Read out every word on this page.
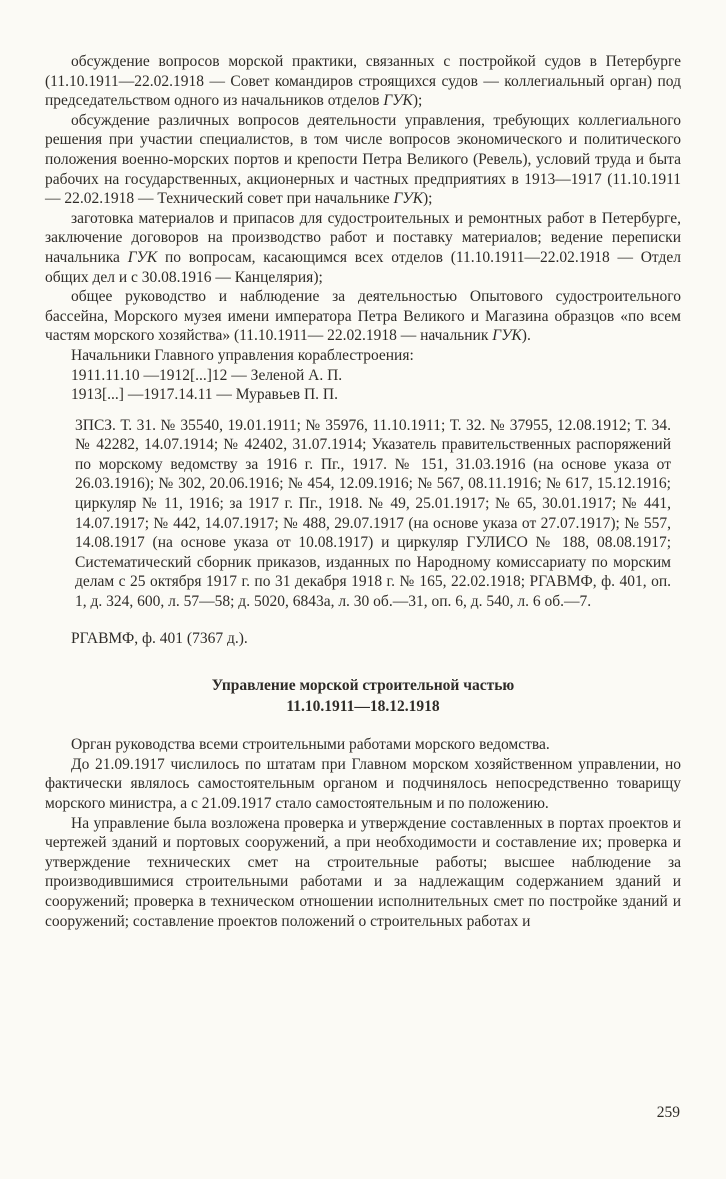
обсуждение вопросов морской практики, связанных с постройкой судов в Петербурге (11.10.1911—22.02.1918 — Совет командиров строящихся судов — коллегиальный орган) под председательством одного из начальников отделов ГУК);

обсуждение различных вопросов деятельности управления, требующих коллегиального решения при участии специалистов, в том числе вопросов экономического и политического положения военно-морских портов и крепости Петра Великого (Ревель), условий труда и быта рабочих на государственных, акционерных и частных предприятиях в 1913—1917 (11.10.1911— 22.02.1918 — Технический совет при начальнике ГУК);

заготовка материалов и припасов для судостроительных и ремонтных работ в Петербурге, заключение договоров на производство работ и поставку материалов; ведение переписки начальника ГУК по вопросам, касающимся всех отделов (11.10.1911—22.02.1918 — Отдел общих дел и с 30.08.1916 — Канцелярия);

общее руководство и наблюдение за деятельностью Опытового судостроительного бассейна, Морского музея имени императора Петра Великого и Магазина образцов «по всем частям морского хозяйства» (11.10.1911— 22.02.1918 — начальник ГУК).

Начальники Главного управления кораблестроения:

1911.11.10 —1912[...]12 — Зеленой А. П.

1913[...] —1917.14.11 — Муравьев П. П.

3ПСЗ. Т. 31. № 35540, 19.01.1911; № 35976, 11.10.1911; Т. 32. № 37955, 12.08.1912; Т. 34. № 42282, 14.07.1914; № 42402, 31.07.1914; Указатель правительственных распоряжений по морскому ведомству за 1916 г. Пг., 1917. № 151, 31.03.1916 (на основе указа от 26.03.1916); № 302, 20.06.1916; № 454, 12.09.1916; № 567, 08.11.1916; № 617, 15.12.1916; циркуляр № 11, 1916; за 1917 г. Пг., 1918. № 49, 25.01.1917; № 65, 30.01.1917; № 441, 14.07.1917; № 442, 14.07.1917; № 488, 29.07.1917 (на основе указа от 27.07.1917); № 557, 14.08.1917 (на основе указа от 10.08.1917) и циркуляр ГУЛИСО № 188, 08.08.1917; Систематический сборник приказов, изданных по Народному комиссариату по морским делам с 25 октября 1917 г. по 31 декабря 1918 г. № 165, 22.02.1918; РГАВМФ, ф. 401, оп. 1, д. 324, 600, л. 57—58; д. 5020, 6843а, л. 30 об.—31, оп. 6, д. 540, л. 6 об.—7.

РГАВМФ, ф. 401 (7367 д.).

Управление морской строительной частью
11.10.1911—18.12.1918

Орган руководства всеми строительными работами морского ведомства.

До 21.09.1917 числилось по штатам при Главном морском хозяйственном управлении, но фактически являлось самостоятельным органом и подчинялось непосредственно товарищу морского министра, а с 21.09.1917 стало самостоятельным и по положению.

На управление была возложена проверка и утверждение составленных в портах проектов и чертежей зданий и портовых сооружений, а при необходимости и составление их; проверка и утверждение технических смет на строительные работы; высшее наблюдение за производившимися строительными работами и за надлежащим содержанием зданий и сооружений; проверка в техническом отношении исполнительных смет по постройке зданий и сооружений; составление проектов положений о строительных работах и

259
